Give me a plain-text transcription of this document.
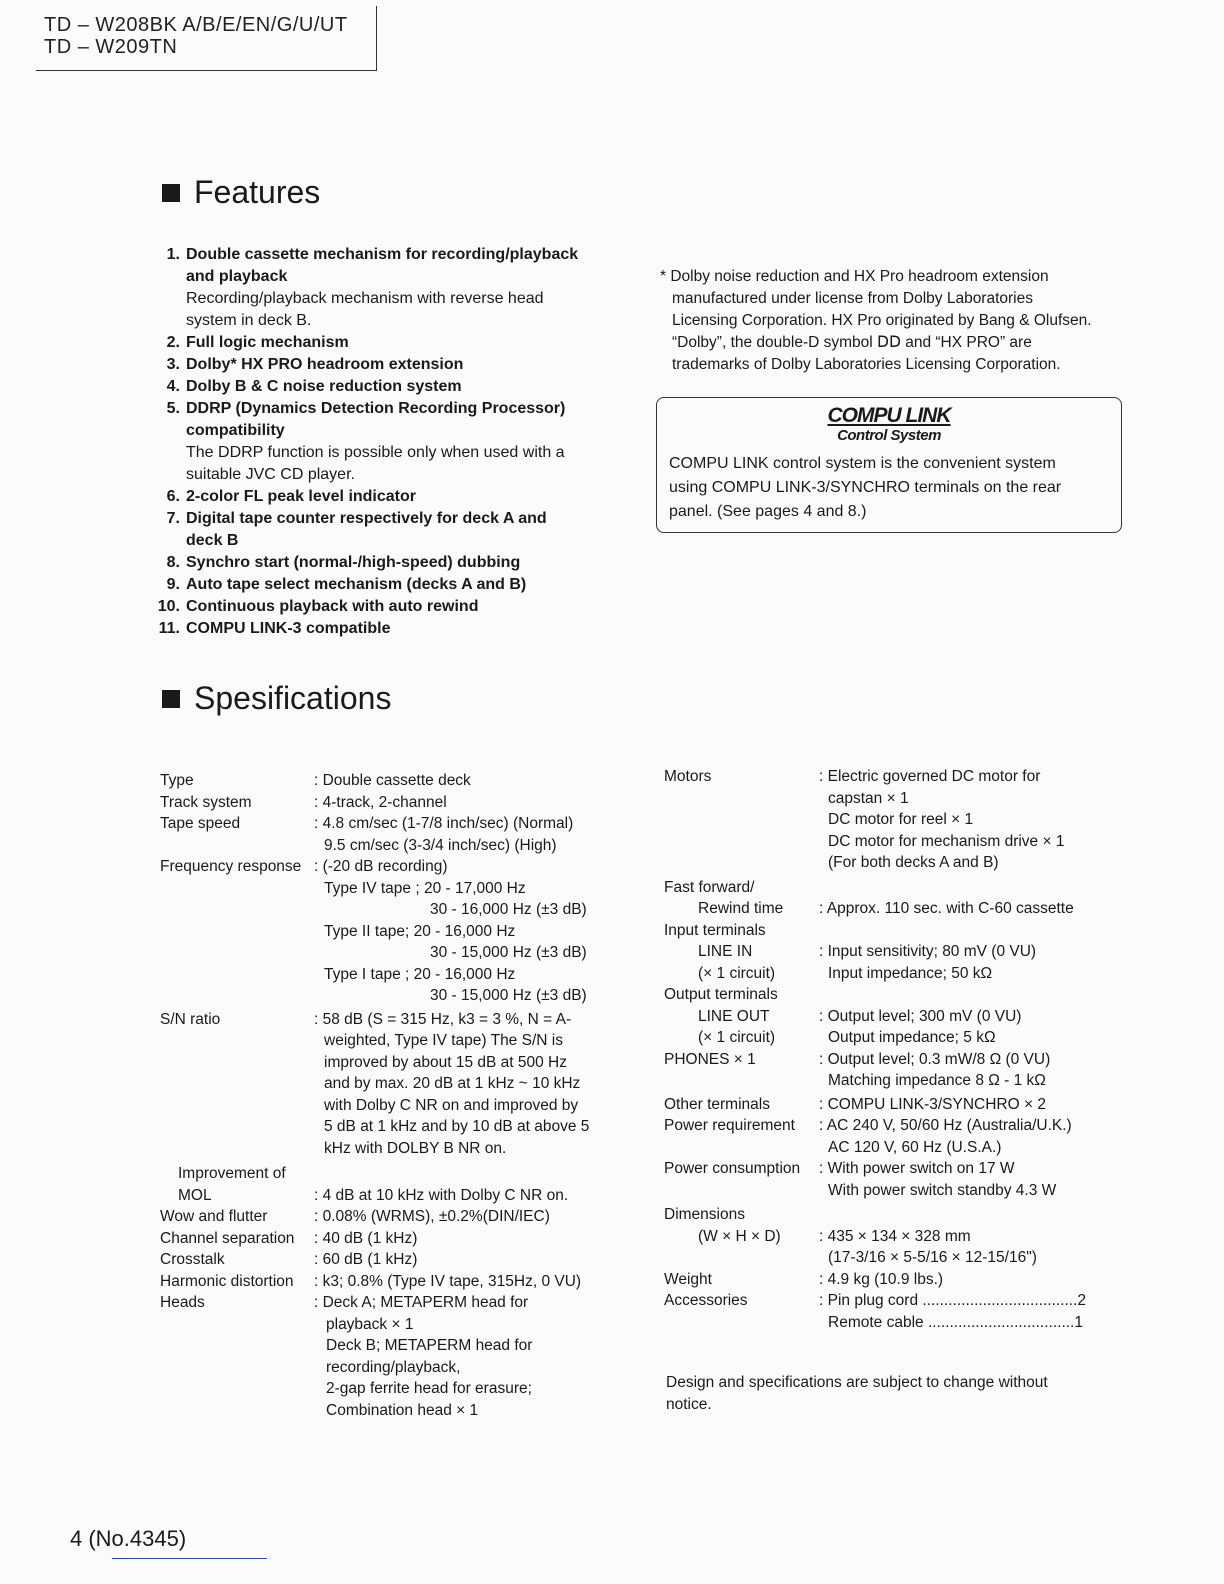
TD – W208BK A/B/E/EN/G/U/UT
TD – W209TN
Features
1. Double cassette mechanism for recording/playback
and playback
Recording/playback mechanism with reverse head
system in deck B.
2. Full logic mechanism
3. Dolby* HX PRO headroom extension
4. Dolby B & C noise reduction system
5. DDRP (Dynamics Detection Recording Processor)
compatibility
The DDRP function is possible only when used with a
suitable JVC CD player.
6. 2-color FL peak level indicator
7. Digital tape counter respectively for deck A and
deck B
8. Synchro start (normal-/high-speed) dubbing
9. Auto tape select mechanism (decks A and B)
10. Continuous playback with auto rewind
11. COMPU LINK-3 compatible
* Dolby noise reduction and HX Pro headroom extension
manufactured under license from Dolby Laboratories
Licensing Corporation. HX Pro originated by Bang & Olufsen.
“Dolby”, the double-D symbol ⅮⅮ and “HX PRO” are
trademarks of Dolby Laboratories Licensing Corporation.
COMPU LINK
Control System
COMPU LINK control system is the convenient system
using COMPU LINK-3/SYNCHRO terminals on the rear
panel. (See pages 4 and 8.)
Spesifications
Type	: Double cassette deck
Track system	: 4-track, 2-channel
Tape speed	: 4.8 cm/sec (1-7/8 inch/sec) (Normal)
9.5 cm/sec (3-3/4 inch/sec) (High)
Frequency response : (-20 dB recording)
Type IV tape ; 20 - 17,000 Hz
30 - 16,000 Hz (±3 dB)
Type II tape; 20 - 16,000 Hz
30 - 15,000 Hz (±3 dB)
Type I tape ; 20 - 16,000 Hz
30 - 15,000 Hz (±3 dB)
S/N ratio	: 58 dB (S = 315 Hz, k3 = 3 %, N = A-
weighted, Type IV tape) The S/N is
improved by about 15 dB at 500 Hz
and by max. 20 dB at 1 kHz ~ 10 kHz
with Dolby C NR on and improved by
5 dB at 1 kHz and by 10 dB at above 5
kHz with DOLBY B NR on.
Improvement of
MOL	: 4 dB at 10 kHz with Dolby C NR on.
Wow and flutter	: 0.08% (WRMS), ±0.2%(DIN/IEC)
Channel separation	: 40 dB (1 kHz)
Crosstalk	: 60 dB (1 kHz)
Harmonic distortion	: k3; 0.8% (Type IV tape, 315Hz, 0 VU)
Heads	: Deck A; METAPERM head for
playback × 1
Deck B; METAPERM head for
recording/playback,
2-gap ferrite head for erasure;
Combination head × 1
Motors	: Electric governed DC motor for
capstan × 1
DC motor for reel × 1
DC motor for mechanism drive × 1
(For both decks A and B)
Fast forward/
Rewind time	: Approx. 110 sec. with C-60 cassette
Input terminals
LINE IN	: Input sensitivity; 80 mV (0 VU)
(× 1 circuit)	Input impedance; 50 kΩ
Output terminals
LINE OUT	: Output level; 300 mV (0 VU)
(× 1 circuit)	Output impedance; 5 kΩ
PHONES × 1	: Output level; 0.3 mW/8 Ω (0 VU)
Matching impedance 8 Ω - 1 kΩ
Other terminals	: COMPU LINK-3/SYNCHRO × 2
Power requirement	: AC 240 V, 50/60 Hz (Australia/U.K.)
AC 120 V, 60 Hz (U.S.A.)
Power consumption	: With power switch on 17 W
With power switch standby 4.3 W
Dimensions
(W × H × D)	: 435 × 134 × 328 mm
(17-3/16 × 5-5/16 × 12-15/16")
Weight	: 4.9 kg (10.9 lbs.)
Accessories	: Pin plug cord ....................................2
Remote cable ..................................1
Design and specifications are subject to change without
notice.
4 (No.4345)
